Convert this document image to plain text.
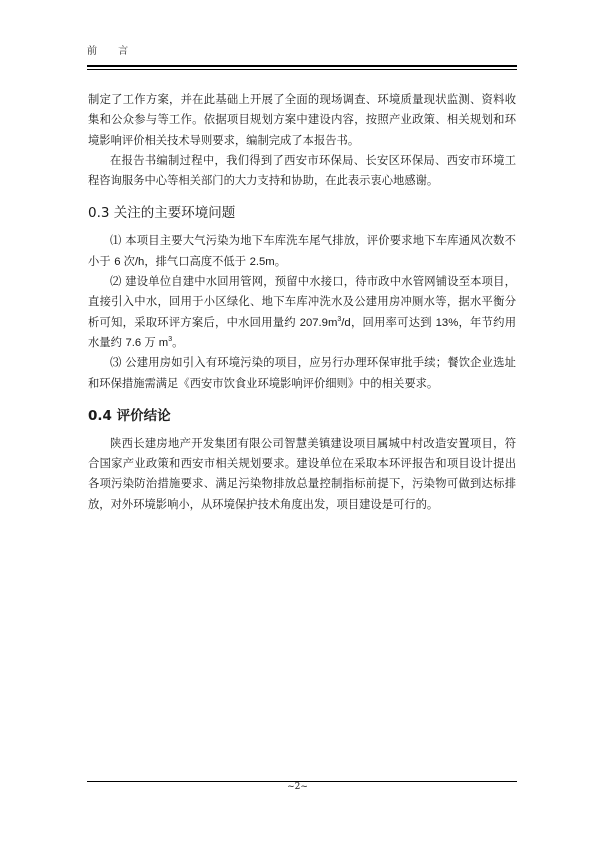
前 言

制定了工作方案，并在此基础上开展了全面的现场调查、环境质量现状监测、资料收集和公众参与等工作。依据项目规划方案中建设内容，按照产业政策、相关规划和环境影响评价相关技术导则要求，编制完成了本报告书。

在报告书编制过程中，我们得到了西安市环保局、长安区环保局、西安市环境工程咨询服务中心等相关部门的大力支持和协助，在此表示衷心地感谢。

0.3 关注的主要环境问题

⑴ 本项目主要大气污染为地下车库洗车尾气排放，评价要求地下车库通风次数不小于 6 次/h，排气口高度不低于 2.5m。

⑵ 建设单位自建中水回用管网，预留中水接口，待市政中水管网铺设至本项目，直接引入中水，回用于小区绿化、地下车库冲洗水及公建用房冲厕水等，据水平衡分析可知，采取环评方案后，中水回用量约 $207.9m^3/d$，回用率可达到 13%，年节约用水量约 7.6 万 $m^3$。

⑶ 公建用房如引入有环境污染的项目，应另行办理环保审批手续；餐饮企业选址和环保措施需满足《西安市饮食业环境影响评价细则》中的相关要求。

0.4 评价结论

陕西长建房地产开发集团有限公司智慧美镇建设项目属城中村改造安置项目，符合国家产业政策和西安市相关规划要求。建设单位在采取本环评报告和项目设计提出各项污染防治措施要求、满足污染物排放总量控制指标前提下，污染物可做到达标排放，对外环境影响小，从环境保护技术角度出发，项目建设是可行的。

~2~
